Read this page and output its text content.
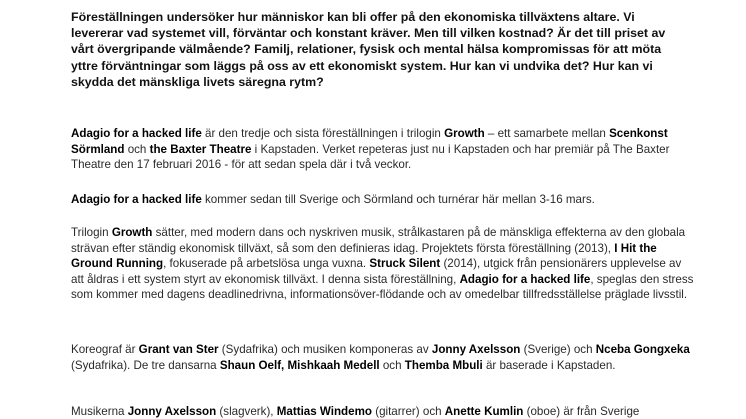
Föreställningen undersöker hur människor kan bli offer på den ekonomiska tillväxtens altare. Vi levererar vad systemet vill, förväntar och konstant kräver. Men till vilken kostnad? Är det till priset av vårt övergripande välmående? Familj, relationer, fysisk och mental hälsa kompromissas för att möta yttre förväntningar som läggs på oss av ett ekonomiskt system. Hur kan vi undvika det? Hur kan vi skydda det mänskliga livets säregna rytm?

Adagio for a hacked life är den tredje och sista föreställningen i trilogin Growth – ett samarbete mellan Scenkonst Sörmland och the Baxter Theatre i Kapstaden. Verket repeteras just nu i Kapstaden och har premiär på The Baxter Theatre den 17 februari 2016 - för att sedan spela där i två veckor.

Adagio for a hacked life kommer sedan till Sverige och Sörmland och turnérar här mellan 3-16 mars.

Trilogin Growth sätter, med modern dans och nyskriven musik, strålkastaren på de mänskliga effekterna av den globala strävan efter ständig ekonomisk tillväxt, så som den definieras idag. Projektets första föreställning (2013), I Hit the Ground Running, fokuserade på arbetslösa unga vuxna. Struck Silent (2014), utgick från pensionärers upplevelse av att åldras i ett system styrt av ekonomisk tillväxt. I denna sista föreställning, Adagio for a hacked life, speglas den stress som kommer med dagens deadlinedrivna, informationsöver-flödande och av omedelbar tillfredsställelse präglade livsstil.

Koreograf är Grant van Ster (Sydafrika) och musiken komponeras av Jonny Axelsson (Sverige) och Nceba Gongxeka (Sydafrika). De tre dansarna Shaun Oelf, Mishkaah Medell och Themba Mbuli är baserade i Kapstaden.

Musikerna Jonny Axelsson (slagverk), Mattias Windemo (gitarrer) och Anette Kumlin (oboe) är från Sverige
